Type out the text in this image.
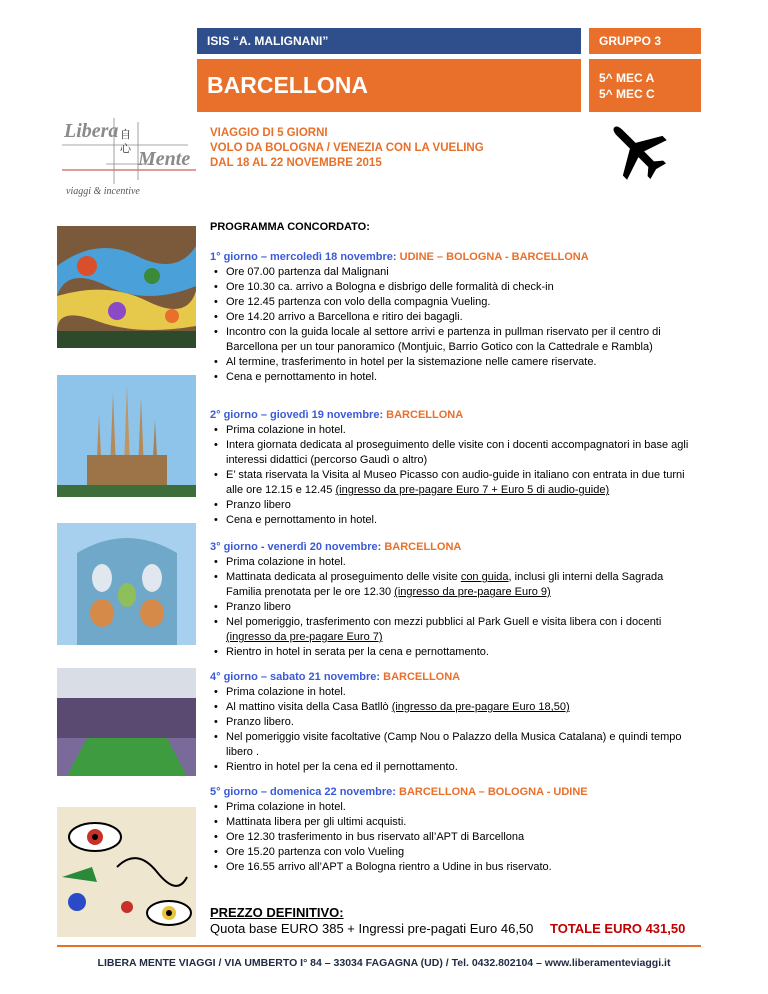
ISIS “A. MALIGNANI”	GRUPPO 3
BARCELLONA	5^ MEC A
5^ MEC C
Libera
Mente
自
心
viaggi & incentive
VIAGGIO DI 5 GIORNI
VOLO DA BOLOGNA / VENEZIA CON LA VUELING
DAL 18 AL 22 NOVEMBRE 2015
PROGRAMMA CONCORDATO:
1° giorno – mercoledì 18 novembre: UDINE – BOLOGNA - BARCELLONA
• Ore 07.00 partenza dal Malignani
• Ore 10.30 ca. arrivo a Bologna e disbrigo delle formalità di check-in
• Ore 12.45 partenza con volo della compagnia Vueling.
• Ore 14.20 arrivo a Barcellona e ritiro dei bagagli.
• Incontro con la guida locale al settore arrivi e partenza in pullman riservato per il centro di Barcellona per un tour panoramico (Montjuic, Barrio Gotico con la Cattedrale e Rambla)
• Al termine, trasferimento in hotel per la sistemazione nelle camere riservate.
• Cena e pernottamento in hotel.
2° giorno – giovedì 19 novembre: BARCELLONA
• Prima colazione in hotel.
• Intera giornata dedicata al proseguimento delle visite con i docenti accompagnatori in base agli interessi didattici (percorso Gaudì o altro)
• E’ stata riservata la Visita al Museo Picasso con audio-guide in italiano con entrata in due turni alle ore 12.15 e 12.45 (ingresso da pre-pagare Euro 7 + Euro 5 di audio-guide)
• Pranzo libero
• Cena e pernottamento in hotel.
3° giorno - venerdì 20 novembre: BARCELLONA
• Prima colazione in hotel.
• Mattinata dedicata al proseguimento delle visite con guida, inclusi gli interni della Sagrada Familia prenotata per le ore 12.30 (ingresso da pre-pagare Euro 9)
• Pranzo libero
• Nel pomeriggio, trasferimento con mezzi pubblici al Park Guell e visita libera con i docenti (ingresso da pre-pagare Euro 7)
• Rientro in hotel in serata per la cena e pernottamento.
4° giorno – sabato 21 novembre: BARCELLONA
• Prima colazione in hotel.
• Al mattino visita della Casa Batllò (ingresso da pre-pagare Euro 18,50)
• Pranzo libero.
• Nel pomeriggio visite facoltative (Camp Nou o Palazzo della Musica Catalana) e quindi tempo libero .
• Rientro in hotel per la cena ed il pernottamento.
5° giorno – domenica 22 novembre: BARCELLONA – BOLOGNA - UDINE
• Prima colazione in hotel.
• Mattinata libera per gli ultimi acquisti.
• Ore 12.30 trasferimento in bus riservato all’APT di Barcellona
• Ore 15.20 partenza con volo Vueling
• Ore 16.55 arrivo all’APT a Bologna rientro a Udine in bus riservato.
PREZZO DEFINITIVO:
Quota base EURO 385 + Ingressi pre-pagati Euro 46,50 TOTALE EURO 431,50
LIBERA MENTE VIAGGI / VIA UMBERTO I° 84 – 33034 FAGAGNA (UD) / Tel. 0432.802104 – www.liberamenteviaggi.it
